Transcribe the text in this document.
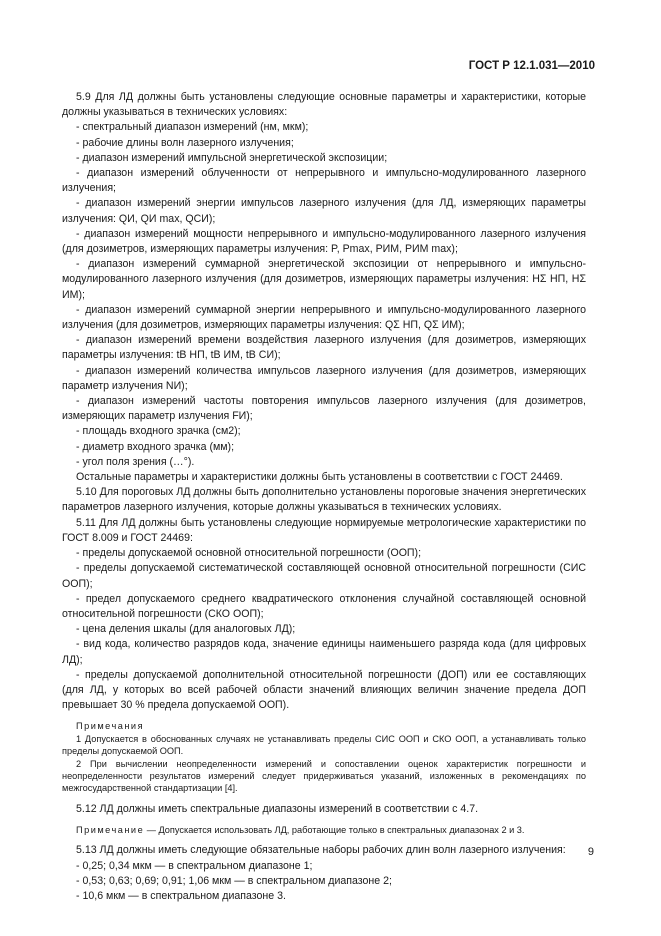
ГОСТ Р 12.1.031—2010

5.9 Для ЛД должны быть установлены следующие основные параметры и характеристики, которые должны указываться в технических условиях:

- спектральный диапазон измерений (нм, мкм);

- рабочие длины волн лазерного излучения;

- диапазон измерений импульсной энергетической экспозиции;

- диапазон измерений облученности от непрерывного и импульсно-модулированного лазерного излучения;

- диапазон измерений энергии импульсов лазерного излучения (для ЛД, измеряющих параметры излучения: QИ, QИ max, QСИ);

- диапазон измерений мощности непрерывного и импульсно-модулированного лазерного излучения (для дозиметров, измеряющих параметры излучения: P, Pmax, PИМ, PИМ max);

- диапазон измерений суммарной энергетической экспозиции от непрерывного и импульсно-модулированного лазерного излучения (для дозиметров, измеряющих параметры излучения: HΣ НП, HΣ ИМ);

- диапазон измерений суммарной энергии непрерывного и импульсно-модулированного лазерного излучения (для дозиметров, измеряющих параметры излучения: QΣ НП, QΣ ИМ);

- диапазон измерений времени воздействия лазерного излучения (для дозиметров, измеряющих параметры излучения: tВ НП, tВ ИМ, tВ СИ);

- диапазон измерений количества импульсов лазерного излучения (для дозиметров, измеряющих параметр излучения NИ);

- диапазон измерений частоты повторения импульсов лазерного излучения (для дозиметров, измеряющих параметр излучения FИ);

- площадь входного зрачка (см2);

- диаметр входного зрачка (мм);

- угол поля зрения (…°).

Остальные параметры и характеристики должны быть установлены в соответствии с ГОСТ 24469.

5.10 Для пороговых ЛД должны быть дополнительно установлены пороговые значения энергетических параметров лазерного излучения, которые должны указываться в технических условиях.

5.11 Для ЛД должны быть установлены следующие нормируемые метрологические характеристики по ГОСТ 8.009 и ГОСТ 24469:

- пределы допускаемой основной относительной погрешности (ООП);

- пределы допускаемой систематической составляющей основной относительной погрешности (СИС ООП);

- предел допускаемого среднего квадратического отклонения случайной составляющей основной относительной погрешности (СКО ООП);

- цена деления шкалы (для аналоговых ЛД);

- вид кода, количество разрядов кода, значение единицы наименьшего разряда кода (для цифровых ЛД);

- пределы допускаемой дополнительной относительной погрешности (ДОП) или ее составляющих (для ЛД, у которых во всей рабочей области значений влияющих величин значение предела ДОП превышает 30 % предела допускаемой ООП).

Примечания

1 Допускается в обоснованных случаях не устанавливать пределы СИС ООП и СКО ООП, а устанавливать только пределы допускаемой ООП.

2 При вычислении неопределенности измерений и сопоставлении оценок характеристик погрешности и неопределенности результатов измерений следует придерживаться указаний, изложенных в рекомендациях по межгосударственной стандартизации [4].

5.12 ЛД должны иметь спектральные диапазоны измерений в соответствии с 4.7.

Примечание — Допускается использовать ЛД, работающие только в спектральных диапазонах 2 и 3.

5.13 ЛД должны иметь следующие обязательные наборы рабочих длин волн лазерного излучения:

- 0,25; 0,34 мкм — в спектральном диапазоне 1;

- 0,53; 0,63; 0,69; 0,91; 1,06 мкм — в спектральном диапазоне 2;

- 10,6 мкм — в спектральном диапазоне 3.

9
